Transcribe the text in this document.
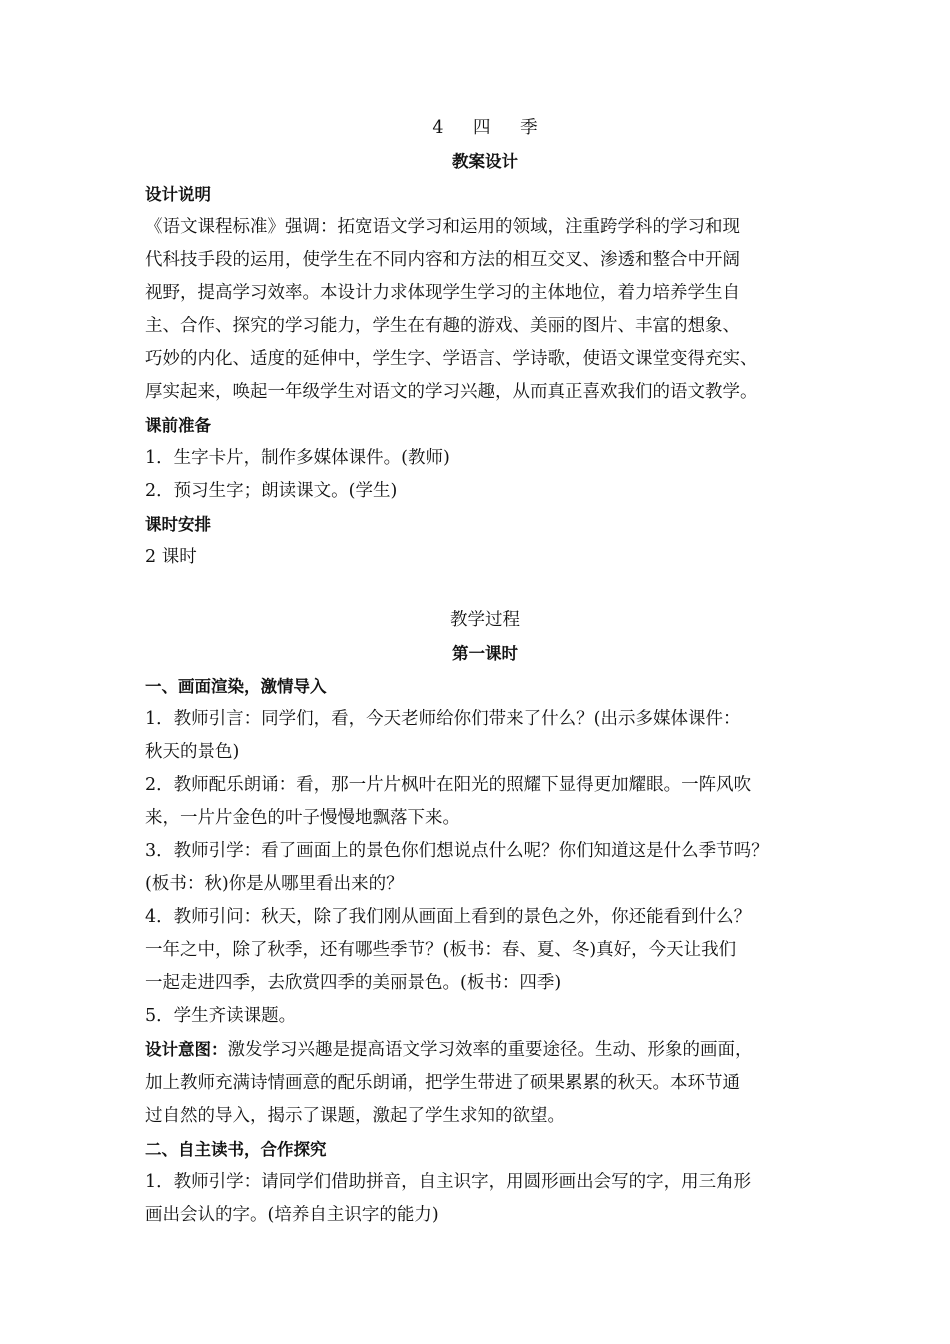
4 四 季
教案设计
设计说明
《语文课程标准》强调：拓宽语文学习和运用的领域，注重跨学科的学习和现
代科技手段的运用，使学生在不同内容和方法的相互交叉、渗透和整合中开阔
视野，提高学习效率。本设计力求体现学生学习的主体地位，着力培养学生自
主、合作、探究的学习能力，学生在有趣的游戏、美丽的图片、丰富的想象、
巧妙的内化、适度的延伸中，学生字、学语言、学诗歌，使语文课堂变得充实、
厚实起来，唤起一年级学生对语文的学习兴趣，从而真正喜欢我们的语文教学。
课前准备
1．生字卡片，制作多媒体课件。(教师)
2．预习生字；朗读课文。(学生)
课时安排
2 课时
教学过程
第一课时
一、画面渲染，激情导入
1．教师引言：同学们，看，今天老师给你们带来了什么？(出示多媒体课件：
秋天的景色)
2．教师配乐朗诵：看，那一片片枫叶在阳光的照耀下显得更加耀眼。一阵风吹
来，一片片金色的叶子慢慢地飘落下来。
3．教师引学：看了画面上的景色你们想说点什么呢？你们知道这是什么季节吗？
(板书：秋)你是从哪里看出来的？
4．教师引问：秋天，除了我们刚从画面上看到的景色之外，你还能看到什么？
一年之中，除了秋季，还有哪些季节？(板书：春、夏、冬)真好，今天让我们
一起走进四季，去欣赏四季的美丽景色。(板书：四季)
5．学生齐读课题。
设计意图：激发学习兴趣是提高语文学习效率的重要途径。生动、形象的画面，
加上教师充满诗情画意的配乐朗诵，把学生带进了硕果累累的秋天。本环节通
过自然的导入，揭示了课题，激起了学生求知的欲望。
二、自主读书，合作探究
1．教师引学：请同学们借助拼音，自主识字，用圆形画出会写的字，用三角形
画出会认的字。(培养自主识字的能力)
